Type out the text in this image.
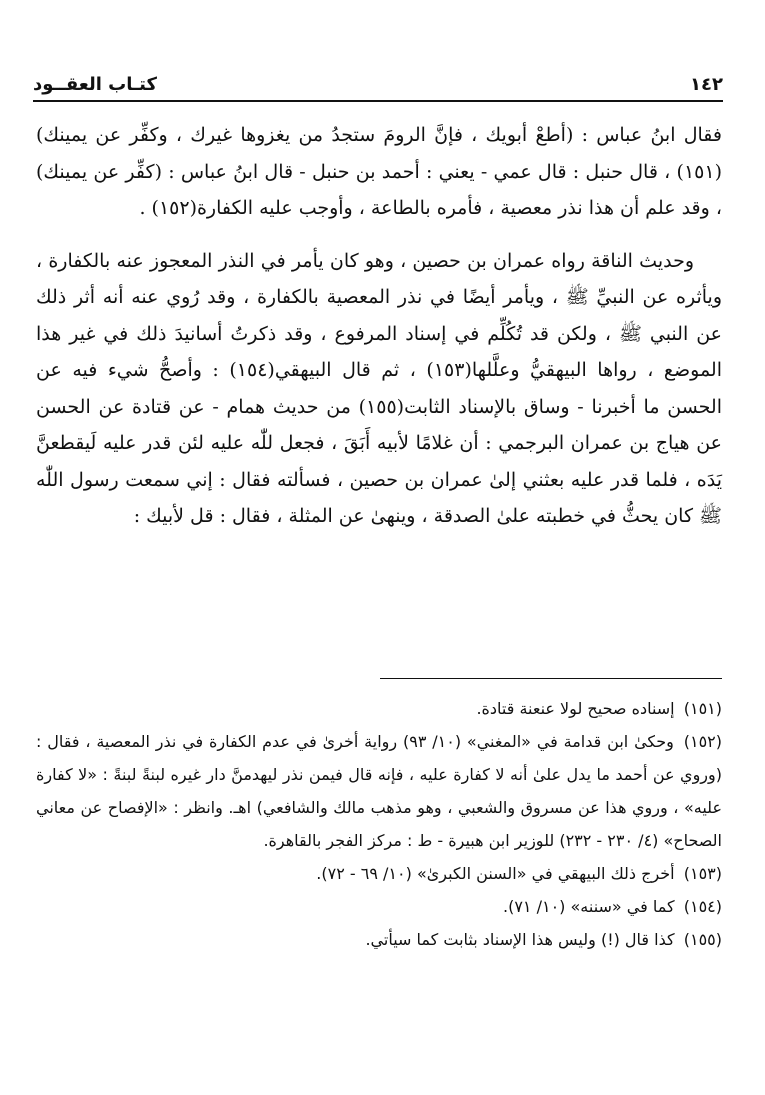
١٤٢
كتـاب العقــود

فقال ابنُ عباس : (أطعْ أبويك ، فإنَّ الرومَ ستجدُ من يغزوها غيرك ، وكفِّر عن يمينك)(١٥١) ، قال حنبل : قال عمي - يعني : أحمد بن حنبل - قال ابنُ عباس : (كفِّر عن يمينك) ، وقد علم أن هذا نذر معصية ، فأمره بالطاعة ، وأوجب عليه الكفارة(١٥٢) .

وحديث الناقة رواه عمران بن حصين ، وهو كان يأمر في النذر المعجوز عنه بالكفارة ، ويأثره عن النبيِّ ﷺ ، ويأمر أيضًا في نذر المعصية بالكفارة ، وقد رُوي عنه أنه أثر ذلك عن النبي ﷺ ، ولكن قد تُكُلِّم في إسناد المرفوع ، وقد ذكرتُ أسانيدَ ذلك في غير هذا الموضع ، رواها البيهقيُّ وعلَّلها(١٥٣) ، ثم قال البيهقي(١٥٤) : وأصحُّ شيء فيه عن الحسن ما أخبرنا - وساق بالإسناد الثابت(١٥٥) من حديث همام - عن قتادة عن الحسن عن هياج بن عمران البرجمي : أن غلامًا لأبيه أَبَقَ ، فجعل للّٰه عليه لئن قدر عليه لَيقطعنَّ يَدَه ، فلما قدر عليه بعثني إلىٰ عمران بن حصين ، فسألته فقال : إني سمعت رسول اللّٰه ﷺ كان يحثُّ في خطبته علىٰ الصدقة ، وينهىٰ عن المثلة ، فقال : قل لأبيك :

(١٥١) إسناده صحيح لولا عنعنة قتادة.

(١٥٢) وحكىٰ ابن قدامة في «المغني» (١٠/ ٩٣) رواية أخرىٰ في عدم الكفارة في نذر المعصية ، فقال : (وروي عن أحمد ما يدل علىٰ أنه لا كفارة عليه ، فإنه قال فيمن نذر ليهدمنَّ دار غيره لبنةً لبنةً : «لا كفارة عليه» ، وروي هذا عن مسروق والشعبي ، وهو مذهب مالك والشافعي) اهـ. وانظر : «الإفصاح عن معاني الصحاح» (٤/ ٢٣٠ - ٢٣٢) للوزير ابن هبيرة - ط : مركز الفجر بالقاهرة.

(١٥٣) أخرج ذلك البيهقي في «السنن الكبرىٰ» (١٠/ ٦٩ - ٧٢).

(١٥٤) كما في «سننه» (١٠/ ٧١).

(١٥٥) كذا قال (!) وليس هذا الإسناد بثابت كما سيأتي.
